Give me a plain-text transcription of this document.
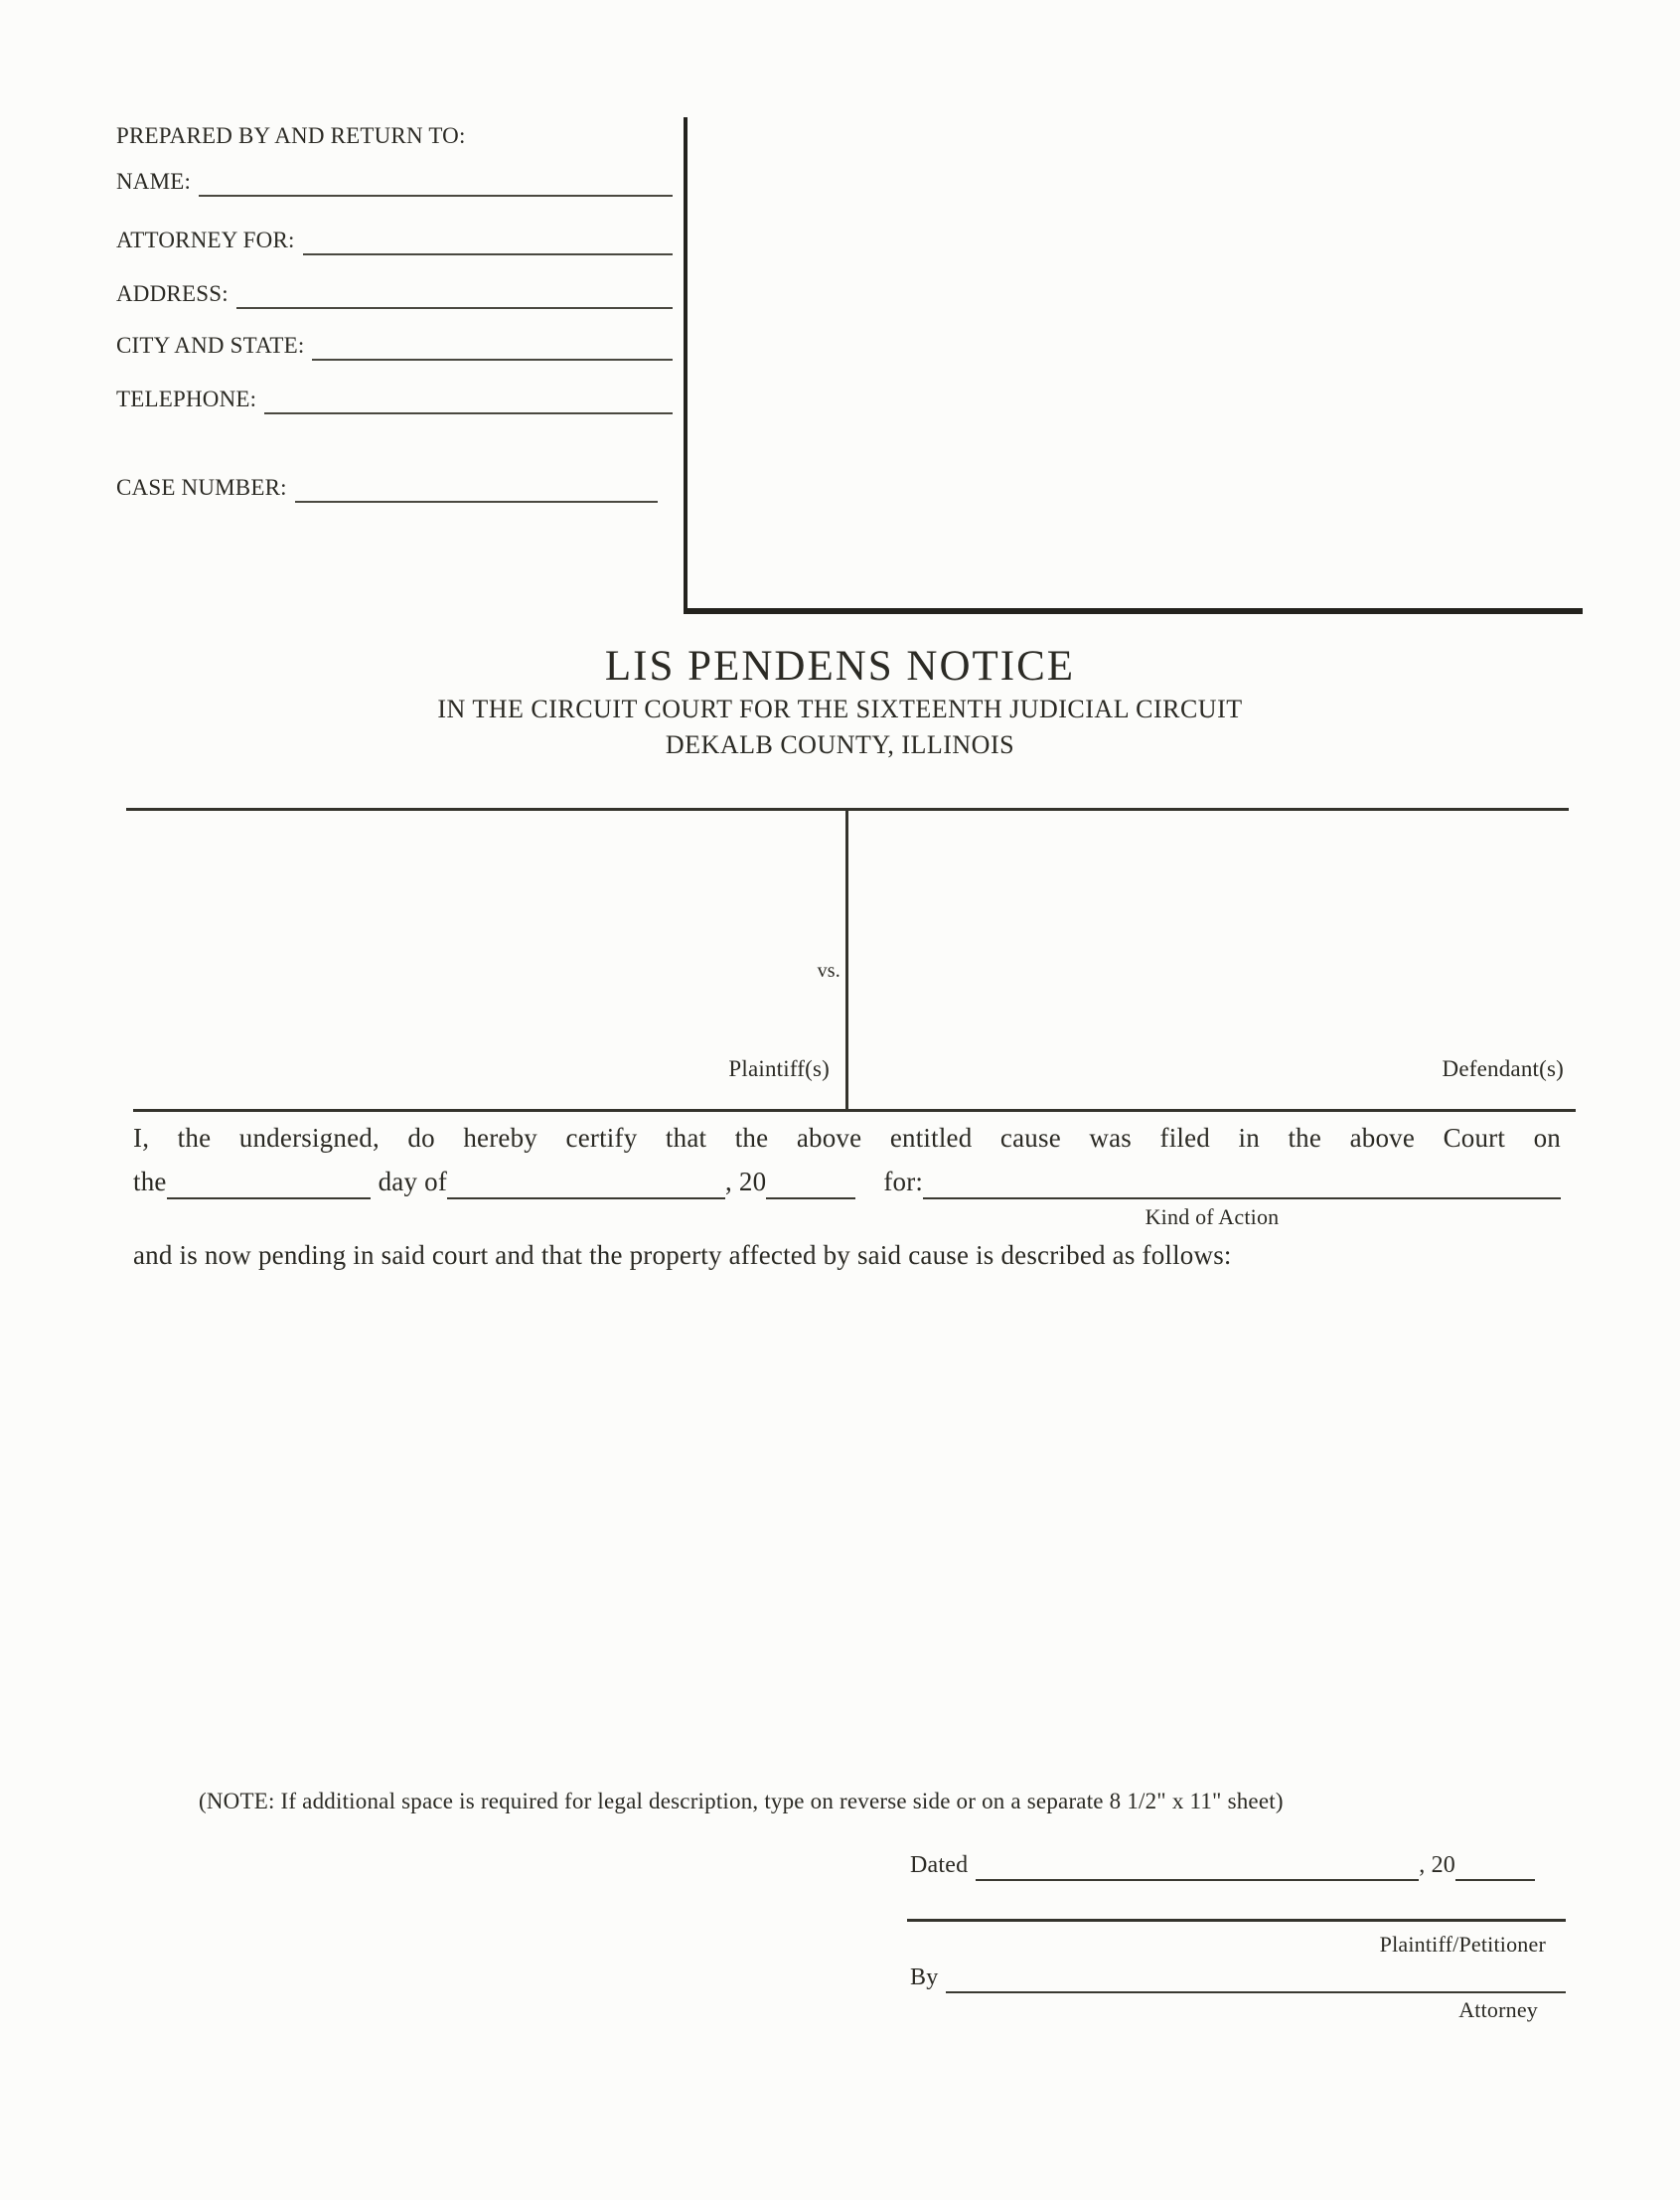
PREPARED BY AND RETURN TO:
NAME:

ATTORNEY FOR:

ADDRESS:

CITY AND STATE:

TELEPHONE:

CASE NUMBER:

LIS PENDENS NOTICE
IN THE CIRCUIT COURT FOR THE SIXTEENTH JUDICIAL CIRCUIT
DEKALB COUNTY, ILLINOIS
vs.
Plaintiff(s)	Defendant(s)
I, the undersigned, do hereby certify that the above entitled cause was filed in the above Court on
the
	day of
	, 20
	for:

Kind of Action
and is now pending in said court and that the property affected by said cause is described as follows:
(NOTE: If additional space is required for legal description, type on reverse side or on a separate 8 1/2" x 11" sheet)
Dated
	, 20

Plaintiff/Petitioner
By

Attorney
